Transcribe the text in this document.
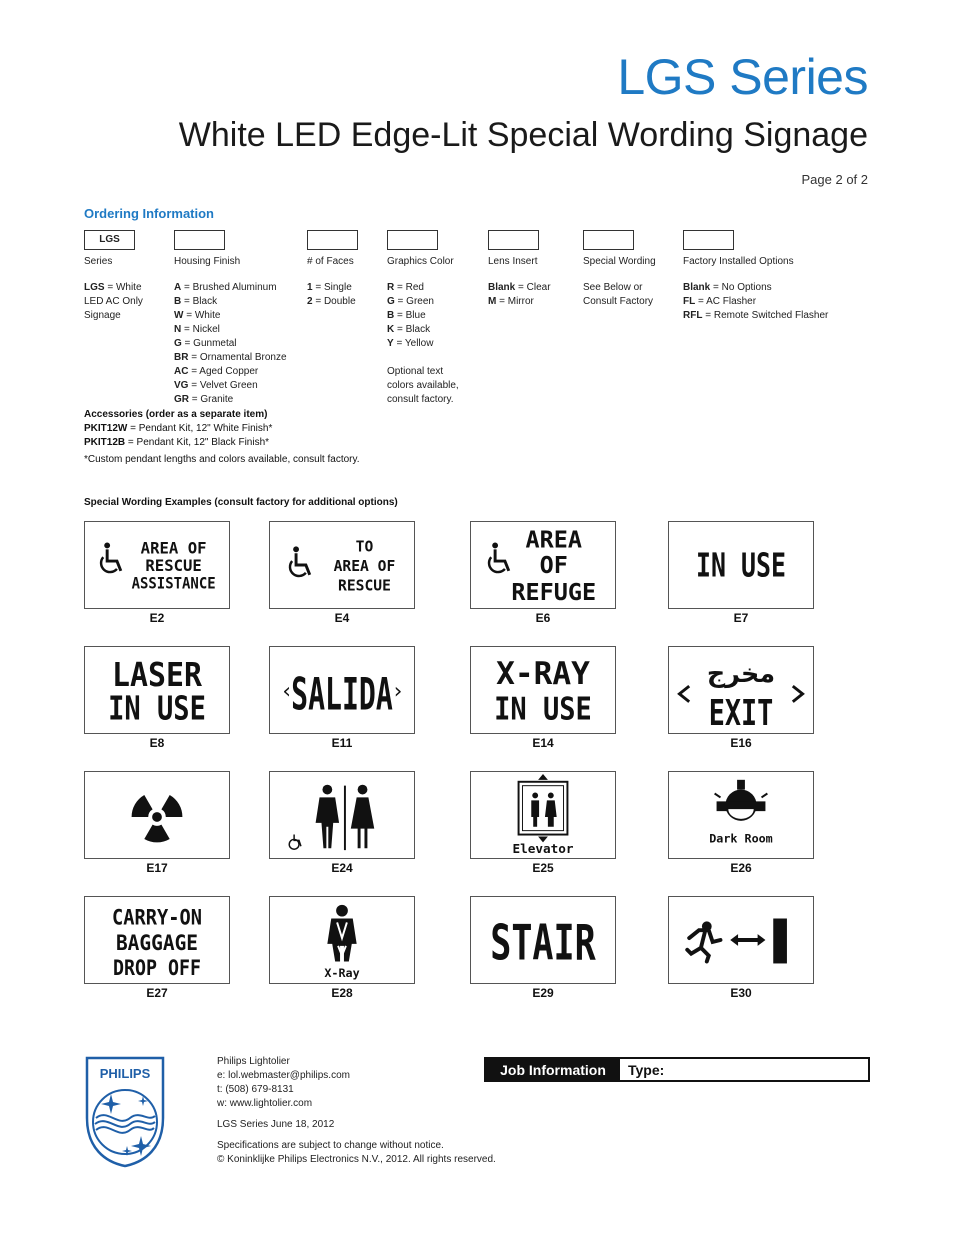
LGS Series
White LED Edge-Lit Special Wording Signage
Page 2 of 2
Ordering Information
LGS
Series
LGS = White
LED AC Only
Signage
Housing Finish
A = Brushed Aluminum
B = Black
W = White
N = Nickel
G = Gunmetal
BR = Ornamental Bronze
AC = Aged Copper
VG = Velvet Green
GR = Granite
# of Faces
1 = Single
2 = Double
Graphics Color
R = Red
G = Green
B = Blue
K = Black
Y = Yellow
Optional text
colors available,
consult factory.
Lens Insert
Blank = Clear
M = Mirror
Special Wording
See Below or
Consult Factory
Factory Installed Options
Blank = No Options
FL = AC Flasher
RFL = Remote Switched Flasher
Accessories (order as a separate item)
PKIT12W = Pendant Kit, 12" White Finish*
PKIT12B = Pendant Kit, 12" Black Finish*
*Custom pendant lengths and colors available, consult factory.
Special Wording Examples (consult factory for additional options)
AREA OF
RESCUE
ASSISTANCE
E2
TO
AREA OF
RESCUE
E4
AREA
OF
REFUGE
E6
IN USE
E7
LASER
IN USE
E8
‹	›
SALIDA
E11
X-RAY
IN USE
E14
مخرج
EXIT
E16
E17	E24
Elevator
E25
Dark Room
E26
CARRY-ON
BAGGAGE
DROP OFF
E27
X-Ray
E28
STAIR
E29	E30
PHILIPS
Philips Lightolier
e: lol.webmaster@philips.com
t: (508) 679-8131
w: www.lightolier.com
LGS Series June 18, 2012
Specifications are subject to change without notice.
© Koninklijke Philips Electronics N.V., 2012. All rights reserved.
Job Information	Type:
